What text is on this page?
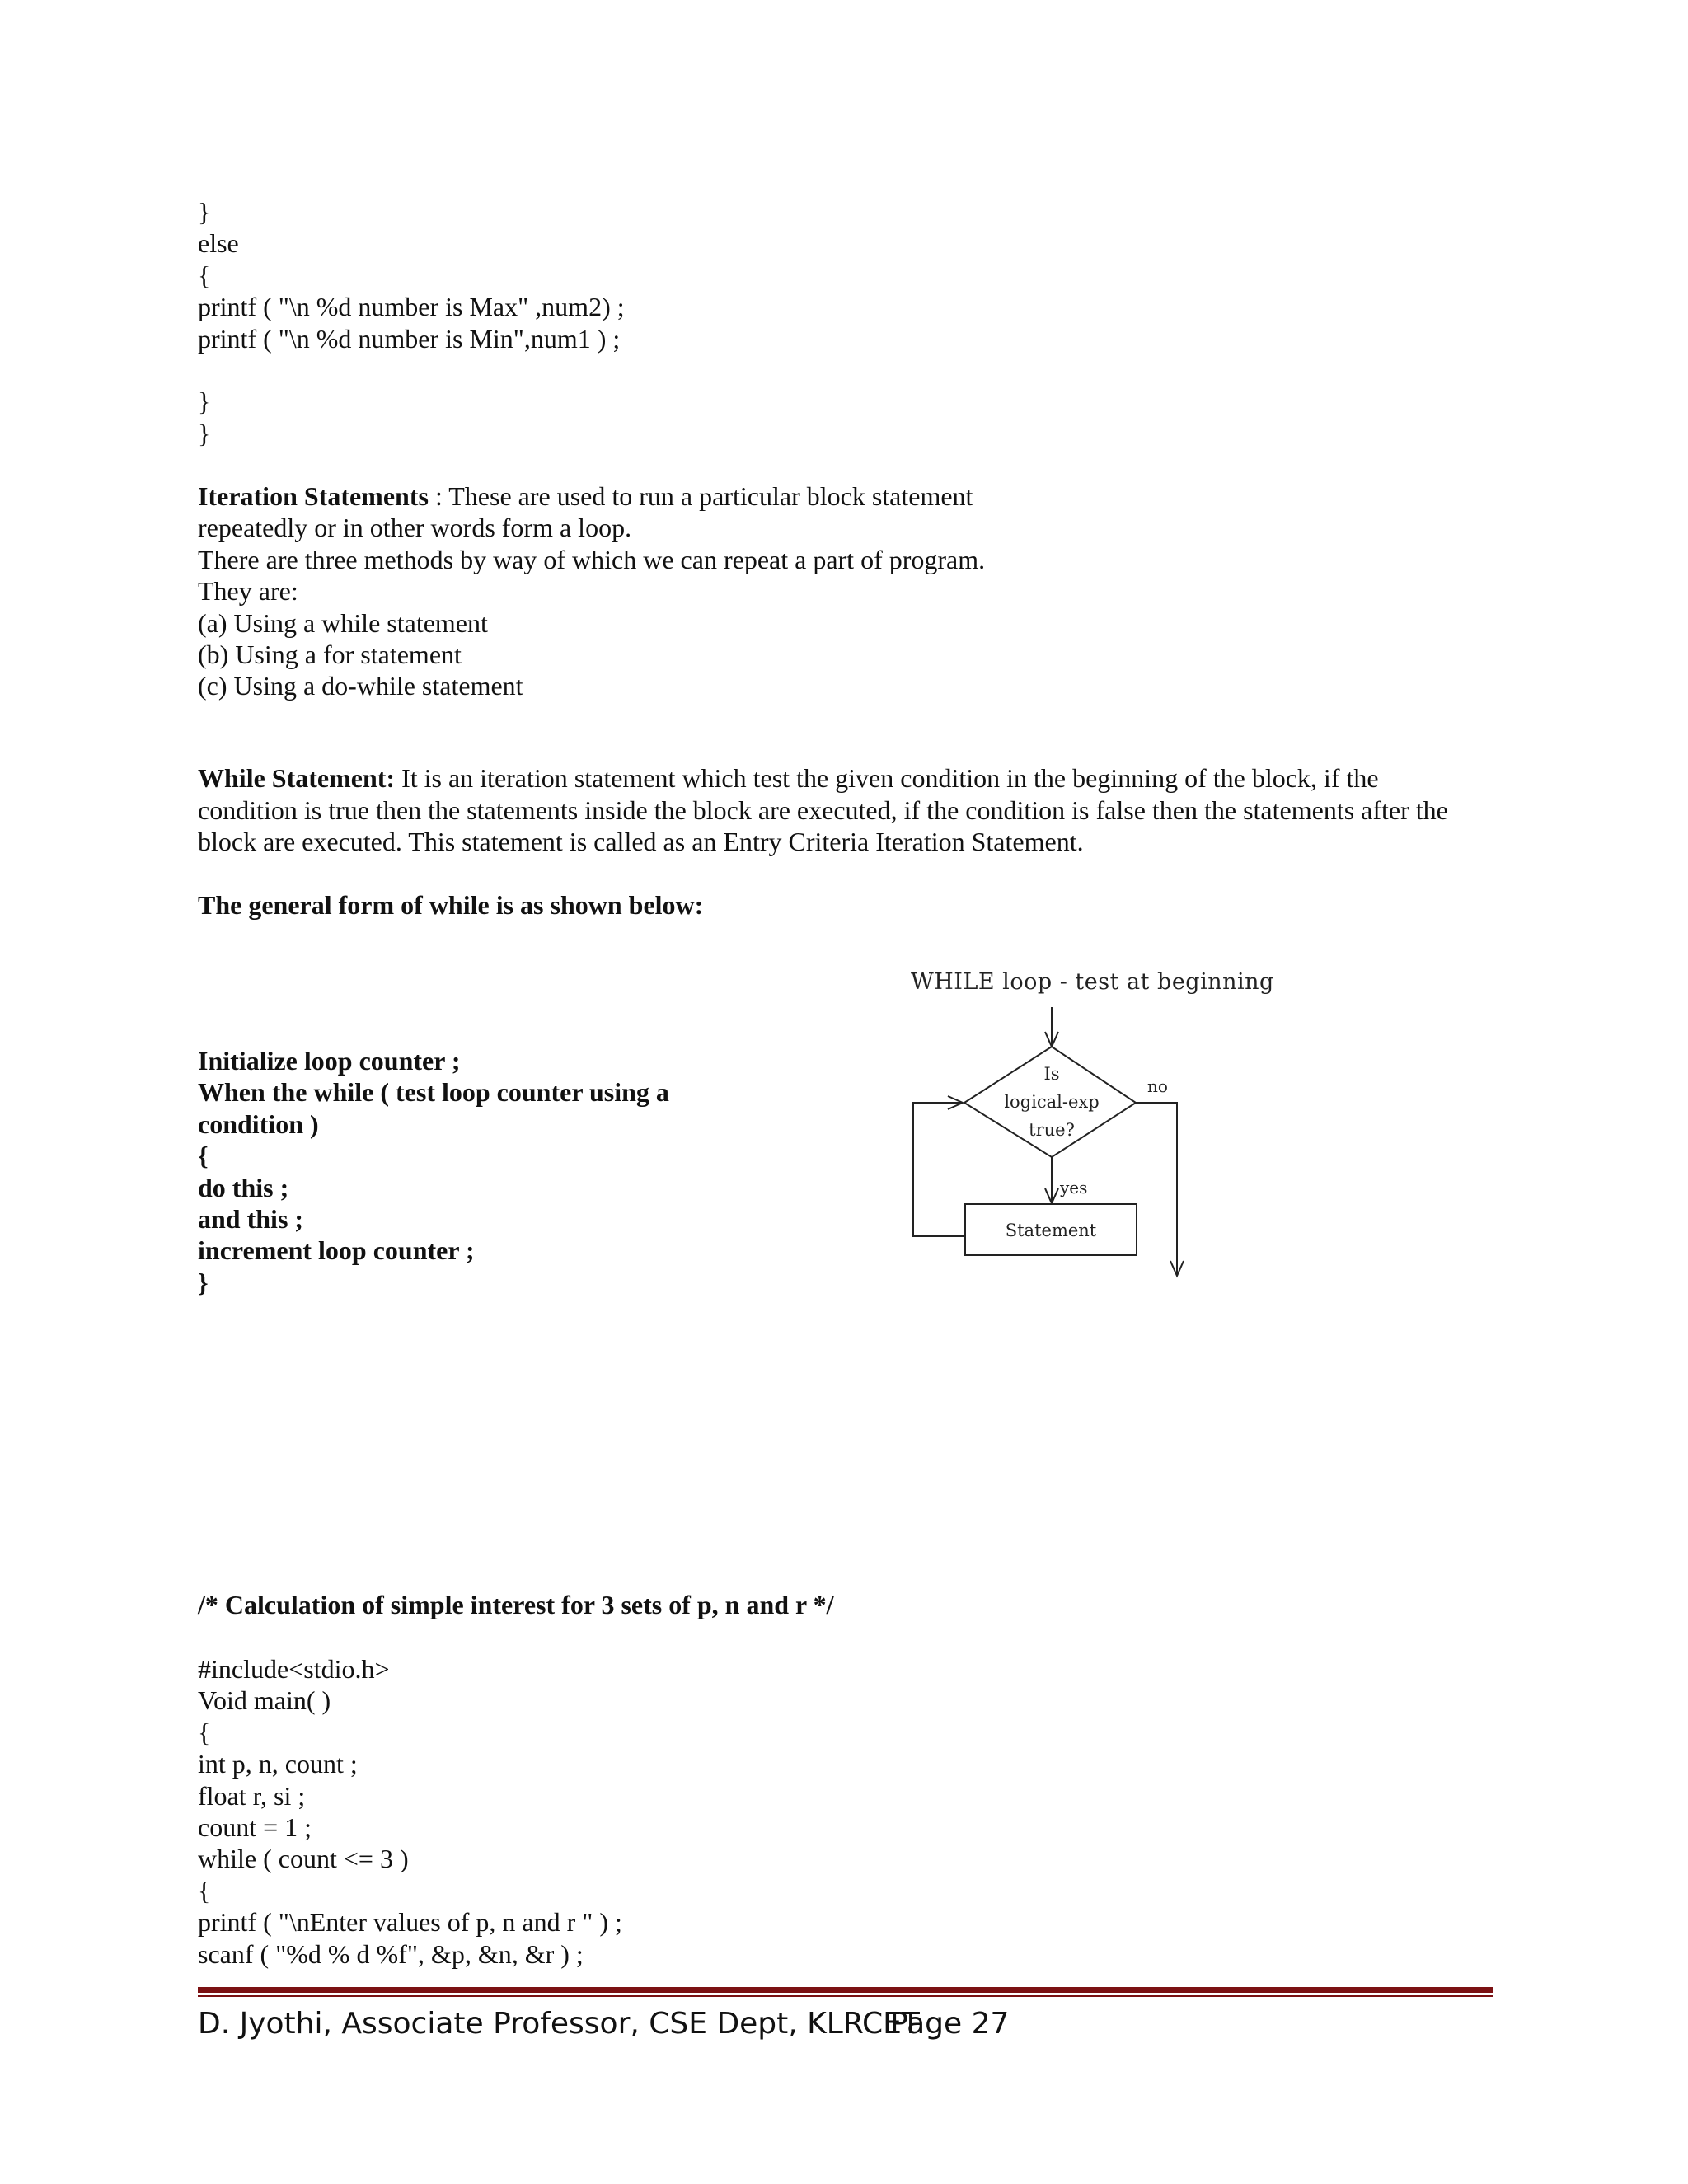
}
else
{
printf ( "\n %d number is Max" ,num2) ;
printf ( "\n %d number is Min",num1 ) ;

}
}
Iteration Statements : These are used to run a particular block statement
repeatedly or in other words form a loop.
There are three methods by way of which we can repeat a part of program.
They are:
(a) Using a while statement
(b) Using a for statement
(c) Using a do-while statement

While Statement: It is an iteration statement which test the given condition in the beginning of the block, if the condition is true then the statements inside the block are executed, if the condition is false then the statements after the block are executed. This statement is called as an Entry Criteria Iteration Statement.

The general form of while is as shown below:
Initialize loop counter ;
When the while ( test loop counter using a
condition )
{
do this ;
and this ;
increment loop counter ;
}
WHILE loop - test at beginning
Is
logical-exp
true?
no
yes
Statement
/* Calculation of simple interest for 3 sets of p, n and r */
#include<stdio.h>
Void main( )
{
int p, n, count ;
float r, si ;
count = 1 ;
while ( count <= 3 )
{
printf ( "\nEnter values of p, n and r " ) ;
scanf ( "%d % d %f", &p, &n, &r ) ;
D. Jyothi, Associate Professor, CSE Dept, KLRCET
Page 27
